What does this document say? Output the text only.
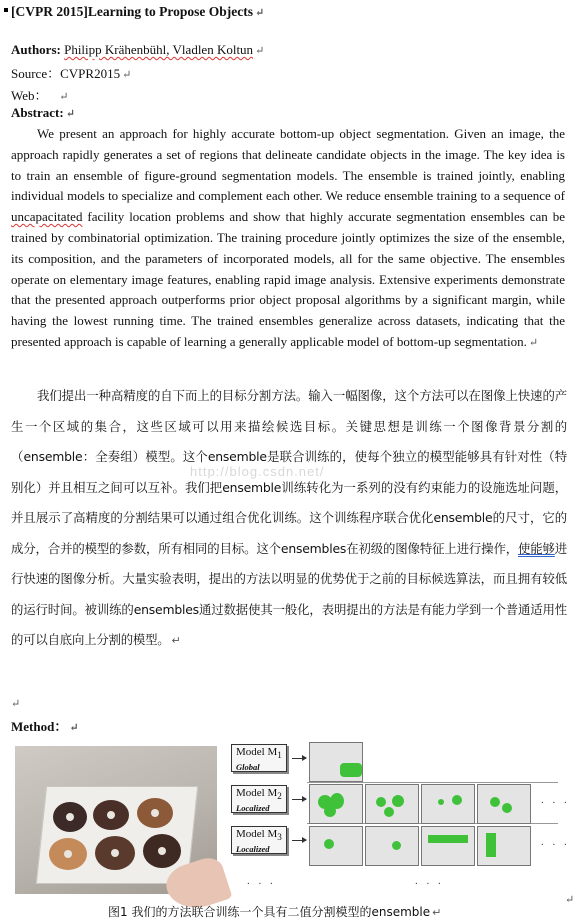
[CVPR 2015]Learning to Propose Objects ↵
Authors: Philipp Krähenbühl, Vladlen Koltun ↵
Source：CVPR2015 ↵
Web： ↵
Abstract: ↵

We present an approach for highly accurate bottom-up object segmentation. Given an image, the approach rapidly generates a set of regions that delineate candidate objects in the image. The key idea is to train an ensemble of figure-ground segmentation models. The ensemble is trained jointly, enabling individual models to specialize and complement each other. We reduce ensemble training to a sequence of uncapacitated facility location problems and show that highly accurate segmentation ensembles can be trained by combinatorial optimization. The training procedure jointly optimizes the size of the ensemble, its composition, and the parameters of incorporated models, all for the same objective. The ensembles operate on elementary image features, enabling rapid image analysis. Extensive experiments demonstrate that the presented approach outperforms prior object proposal algorithms by a significant margin, while having the lowest running time. The trained ensembles generalize across datasets, indicating that the presented approach is capable of learning a generally applicable model of bottom-up segmentation. ↵

我们提出一种高精度的自下而上的目标分割方法。输入一幅图像，这个方法可以在图像上快速的产生一个区域的集合，这些区域可以用来描绘候选目标。关键思想是训练一个图像背景分割的（ensemble：全奏组）模型。这个ensemble是联合训练的，使每个独立的模型能够具有针对性（特别化）并且相互之间可以互补。我们把ensemble训练转化为一系列的没有约束能力的设施选址问题，并且展示了高精度的分割结果可以通过组合优化训练。这个训练程序联合优化ensemble的尺寸，它的成分，合并的模型的参数，所有相同的目标。这个ensembles在初级的图像特征上进行操作，使能够进行快速的图像分析。大量实验表明，提出的方法以明显的优势优于之前的目标候选算法，而且拥有较低的运行时间。被训练的ensembles通过数据使其一般化，表明提出的方法是有能力学到一个普通适用性的可以自底向上分割的模型。 ↵

http://blog.csdn.net/
↵
Method： ↵
Model $M_1$
Global
Model $M_2$
Localized
Model $M_3$
Localized
. . .
. . .
. . .	. . .
↵
图1 我们的方法联合训练一个具有二值分割模型的ensemble ↵
